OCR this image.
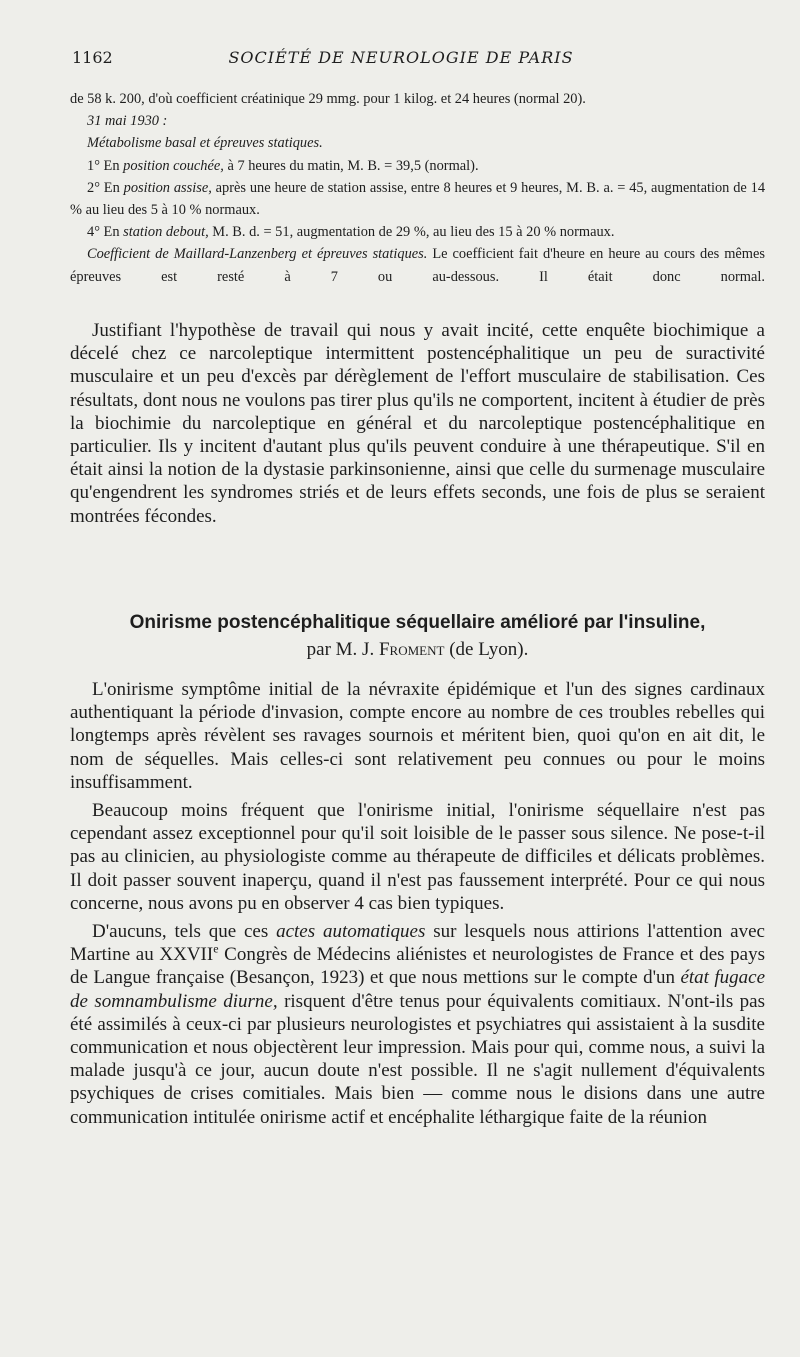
1162	SOCIÉTÉ DE NEUROLOGIE DE PARIS

de 58 k. 200, d'où coefficient créatinique 29 mmg. pour 1 kilog. et 24 heures (normal 20).

31 mai 1930 :

Métabolisme basal et épreuves statiques.

1° En position couchée, à 7 heures du matin, M. B. = 39,5 (normal).

2° En position assise, après une heure de station assise, entre 8 heures et 9 heures, M. B. a. = 45, augmentation de 14 % au lieu des 5 à 10 % normaux.

4° En station debout, M. B. d. = 51, augmentation de 29 %, au lieu des 15 à 20 % normaux.

Coefficient de Maillard-Lanzenberg et épreuves statiques. Le coefficient fait d'heure en heure au cours des mêmes épreuves est resté à 7 ou au-dessous. Il était donc normal.

Justifiant l'hypothèse de travail qui nous y avait incité, cette enquête biochimique a décelé chez ce narcoleptique intermittent postencéphalitique un peu de suractivité musculaire et un peu d'excès par dérèglement de l'effort musculaire de stabilisation. Ces résultats, dont nous ne voulons pas tirer plus qu'ils ne comportent, incitent à étudier de près la biochimie du narcoleptique en général et du narcoleptique postencéphalitique en particulier. Ils y incitent d'autant plus qu'ils peuvent conduire à une thérapeutique. S'il en était ainsi la notion de la dystasie parkinsonienne, ainsi que celle du surmenage musculaire qu'engendrent les syndromes striés et de leurs effets seconds, une fois de plus se seraient montrées fécondes.

Onirisme postencéphalitique séquellaire amélioré par l'insuline,

par M. J. Froment (de Lyon).

L'onirisme symptôme initial de la névraxite épidémique et l'un des signes cardinaux authentiquant la période d'invasion, compte encore au nombre de ces troubles rebelles qui longtemps après révèlent ses ravages sournois et méritent bien, quoi qu'on en ait dit, le nom de séquelles. Mais celles-ci sont relativement peu connues ou pour le moins insuffisamment.

Beaucoup moins fréquent que l'onirisme initial, l'onirisme séquellaire n'est pas cependant assez exceptionnel pour qu'il soit loisible de le passer sous silence. Ne pose-t-il pas au clinicien, au physiologiste comme au thérapeute de difficiles et délicats problèmes. Il doit passer souvent inaperçu, quand il n'est pas faussement interprété. Pour ce qui nous concerne, nous avons pu en observer 4 cas bien typiques.

D'aucuns, tels que ces actes automatiques sur lesquels nous attirions l'attention avec Martine au XXVIIe Congrès de Médecins aliénistes et neurologistes de France et des pays de Langue française (Besançon, 1923) et que nous mettions sur le compte d'un état fugace de somnambulisme diurne, risquent d'être tenus pour équivalents comitiaux. N'ont-ils pas été assimilés à ceux-ci par plusieurs neurologistes et psychiatres qui assistaient à la susdite communication et nous objectèrent leur impression. Mais pour qui, comme nous, a suivi la malade jusqu'à ce jour, aucun doute n'est possible. Il ne s'agit nullement d'équivalents psychiques de crises comitiales. Mais bien — comme nous le disions dans une autre communication intitulée onirisme actif et encéphalite léthargique faite de la réunion
